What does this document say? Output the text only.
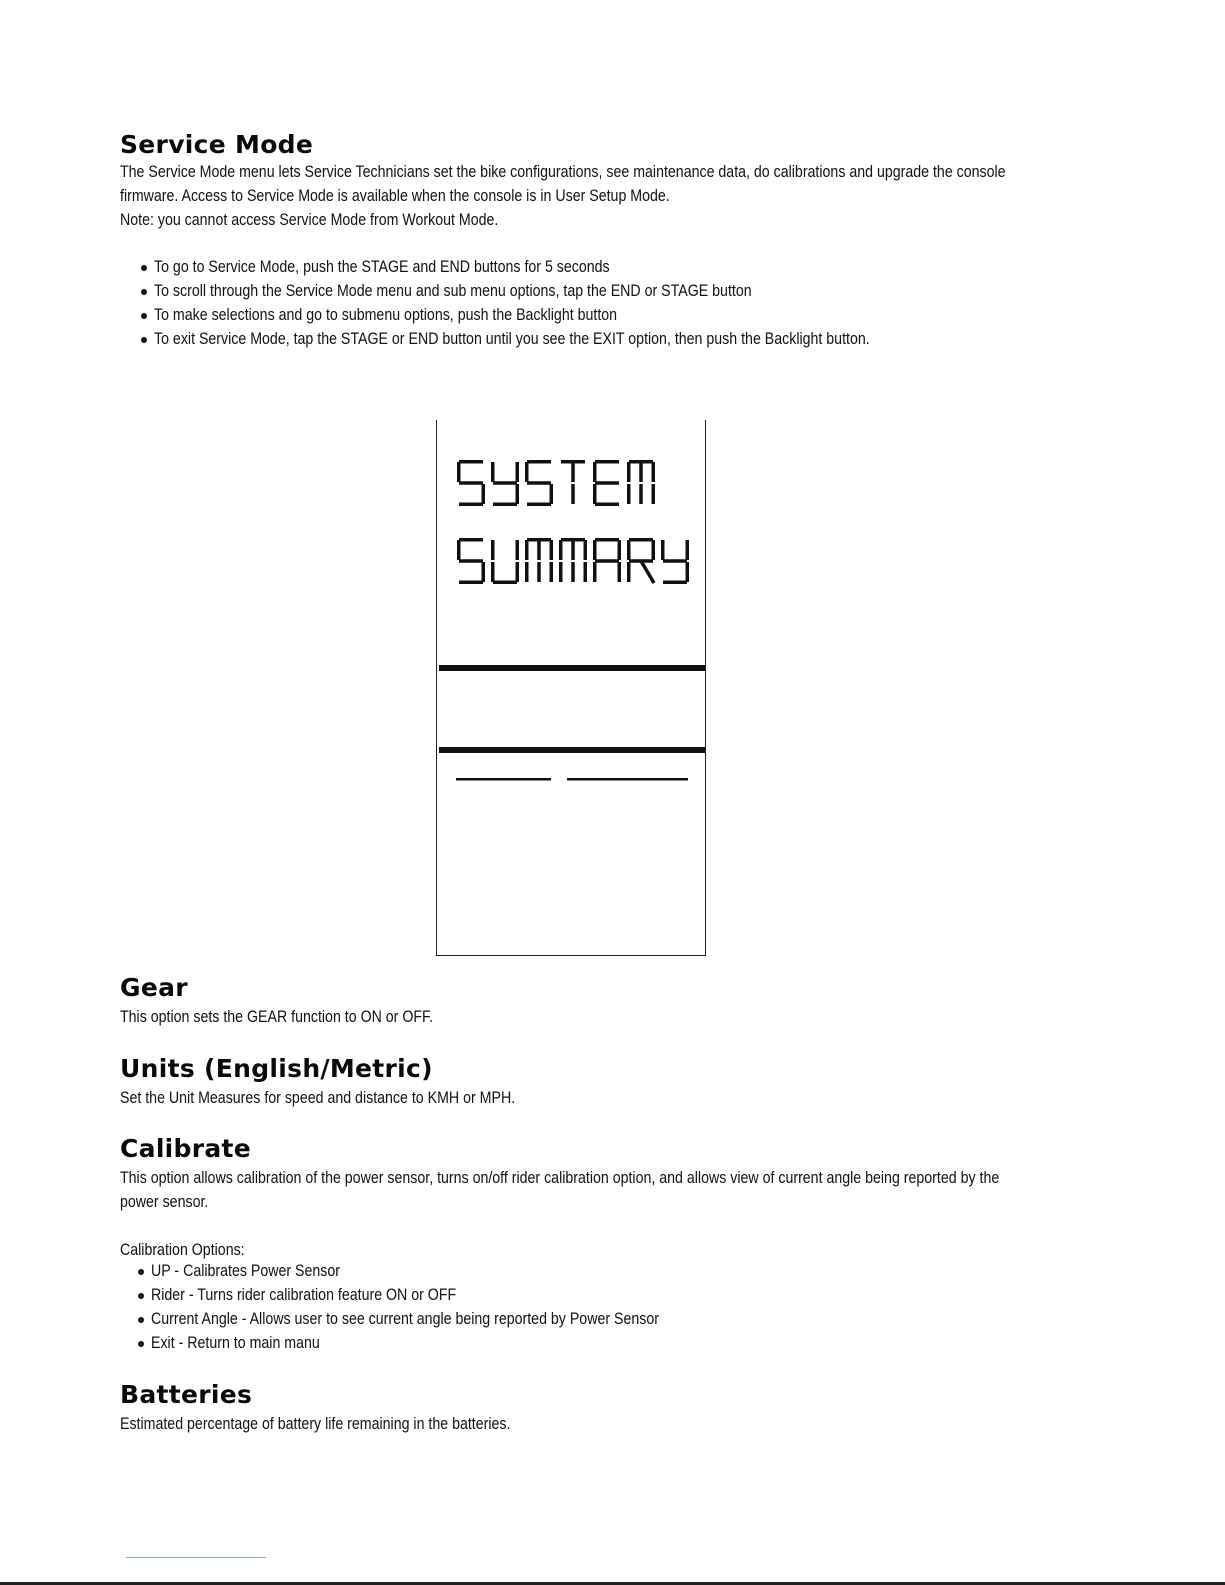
Service Mode

The Service Mode menu lets Service Technicians set the bike configurations, see maintenance data, do calibrations and upgrade the console

firmware. Access to Service Mode is available when the console is in User Setup Mode.

Note: you cannot access Service Mode from Workout Mode.

To go to Service Mode, push the STAGE and END buttons for 5 seconds
To scroll through the Service Mode menu and sub menu options, tap the END or STAGE button
To make selections and go to submenu options, push the Backlight button
To exit Service Mode, tap the STAGE or END button until you see the EXIT option, then push the Backlight button.
Gear

This option sets the GEAR function to ON or OFF.

Units (English/Metric)

Set the Unit Measures for speed and distance to KMH or MPH.

Calibrate

This option allows calibration of the power sensor, turns on/off rider calibration option, and allows view of current angle being reported by the

power sensor.

Calibration Options:

UP - Calibrates Power Sensor
Rider - Turns rider calibration feature ON or OFF
Current Angle - Allows user to see current angle being reported by Power Sensor
Exit - Return to main manu
Batteries

Estimated percentage of battery life remaining in the batteries.
